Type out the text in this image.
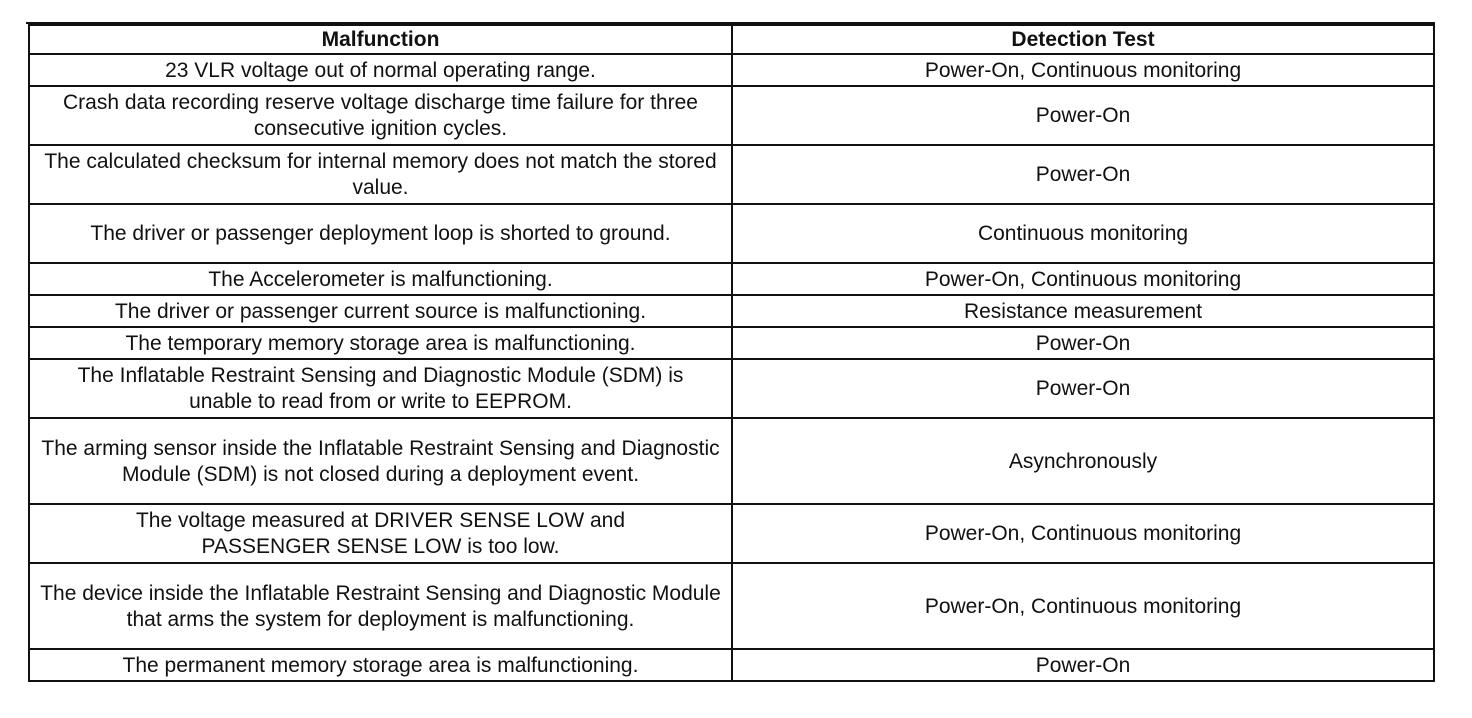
Malfunction	Detection Test
23 VLR voltage out of normal operating range.	Power-On, Continuous monitoring
Crash data recording reserve voltage discharge time failure for three consecutive ignition cycles.	Power-On
The calculated checksum for internal memory does not match the stored value.	Power-On
The driver or passenger deployment loop is shorted to ground.	Continuous monitoring
The Accelerometer is malfunctioning.	Power-On, Continuous monitoring
The driver or passenger current source is malfunctioning.	Resistance measurement
The temporary memory storage area is malfunctioning.	Power-On
The Inflatable Restraint Sensing and Diagnostic Module (SDM) is unable to read from or write to EEPROM.	Power-On
The arming sensor inside the Inflatable Restraint Sensing and Diagnostic Module (SDM) is not closed during a deployment event.	Asynchronously
The voltage measured at DRIVER SENSE LOW and PASSENGER SENSE LOW is too low.	Power-On, Continuous monitoring
The device inside the Inflatable Restraint Sensing and Diagnostic Module that arms the system for deployment is malfunctioning.	Power-On, Continuous monitoring
The permanent memory storage area is malfunctioning.	Power-On
